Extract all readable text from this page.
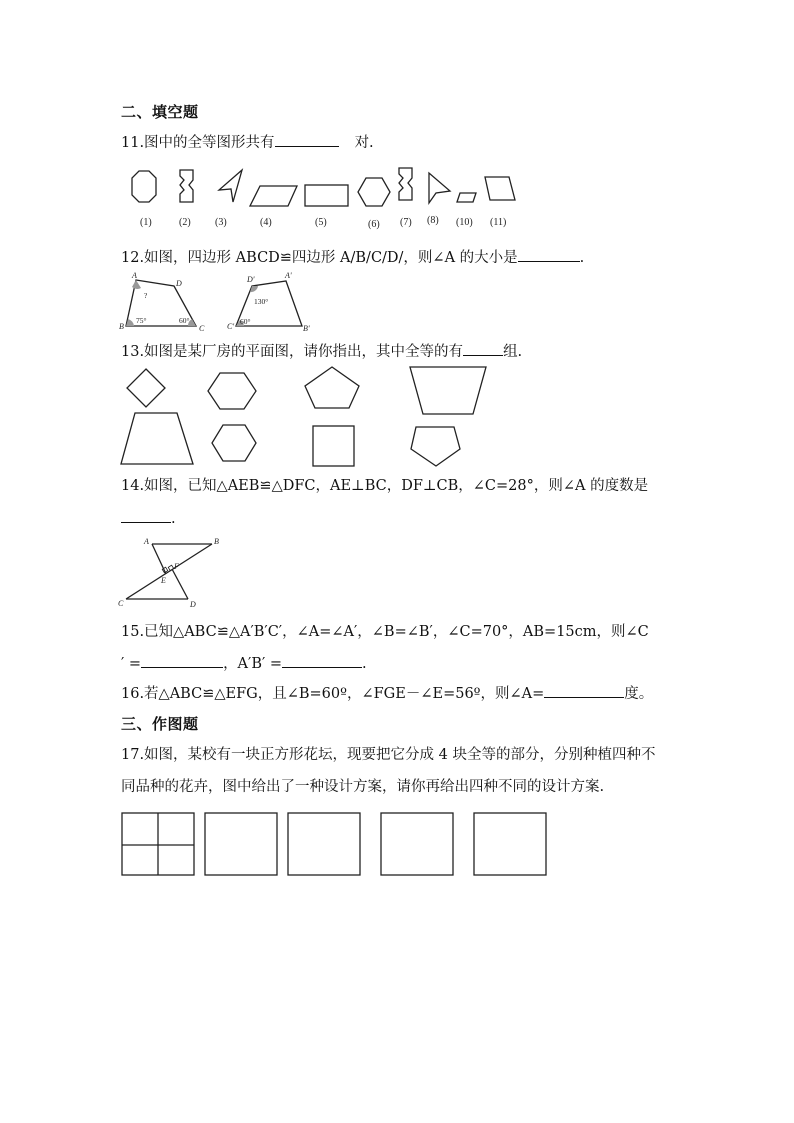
二、填空题
11.图中的全等图形共有	对.
(1)	(2) (3)	(4)	(5)	(6) (7) (8) (10) (11)
12.如图，四边形 ABCD≌四边形 A/B/C/D/，则∠A 的大小是	.
A
D
B	C
?
75°	60°
D'	A'
C'	B'
130°
60°
13.如图是某厂房的平面图，请你指出，其中全等的有	组.
14.如图，已知△AEB≌△DFC，AE⊥BC，DF⊥CB，∠C=28°，则∠A 的度数是
.
A	B
C	D
E
F
15.已知△ABC≌△A′B′C′，∠A=∠A′，∠B=∠B′，∠C=70°，AB=15cm，则∠C
′ =	，A′B′ =	.
16.若△ABC≌△EFG，且∠B=60º，∠FGE－∠E=56º，则∠A=	度。
三、作图题
17.如图，某校有一块正方形花坛，现要把它分成 4 块全等的部分，分别种植四种不
同品种的花卉，图中给出了一种设计方案，请你再给出四种不同的设计方案.
